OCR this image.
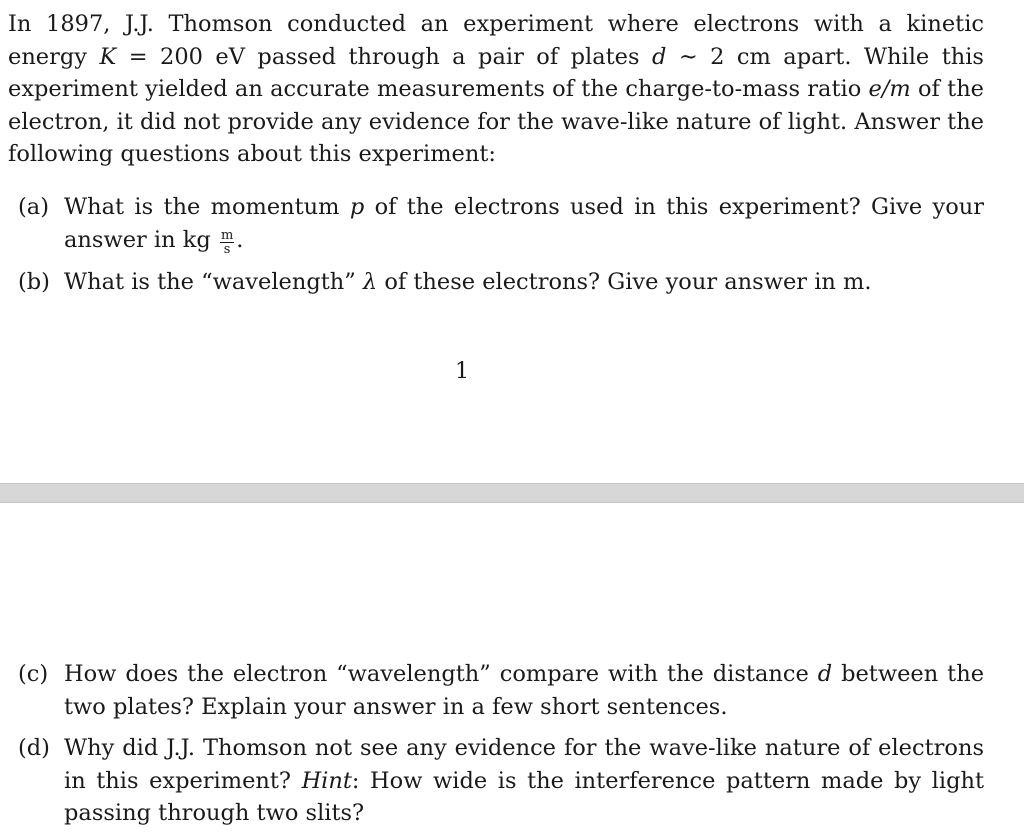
In 1897, J.J. Thomson conducted an experiment where electrons with a kinetic energy K = 200 eV passed through a pair of plates d ∼ 2 cm apart. While this experiment yielded an accurate measurements of the charge-to-mass ratio e/m of the electron, it did not provide any evidence for the wave-like nature of light. Answer the following questions about this experiment:

(a) What is the momentum p of the electrons used in this experiment? Give your answer in kg $\frac{m}{s}$ .
(b) What is the “wavelength” λ of these electrons? Give your answer in m.
1
(c) How does the electron “wavelength” compare with the distance d between the two plates? Explain your answer in a few short sentences.
(d) Why did J.J. Thomson not see any evidence for the wave-like nature of electrons in this experiment? Hint: How wide is the interference pattern made by light passing through two slits?
